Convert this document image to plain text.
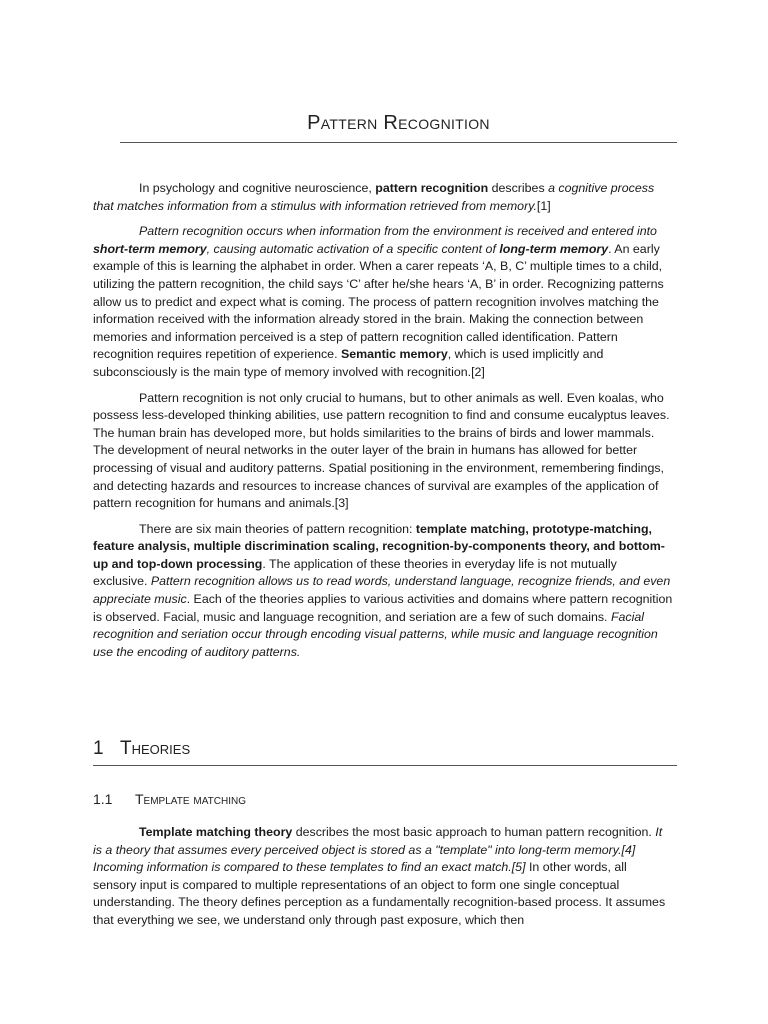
Pattern Recognition

In psychology and cognitive neuroscience, pattern recognition describes a cognitive process that matches information from a stimulus with information retrieved from memory.[1]

Pattern recognition occurs when information from the environment is received and entered into short-term memory, causing automatic activation of a specific content of long-term memory. An early example of this is learning the alphabet in order. When a carer repeats ‘A, B, C’ multiple times to a child, utilizing the pattern recognition, the child says ‘C’ after he/she hears ‘A, B’ in order. Recognizing patterns allow us to predict and expect what is coming. The process of pattern recognition involves matching the information received with the information already stored in the brain. Making the connection between memories and information perceived is a step of pattern recognition called identification. Pattern recognition requires repetition of experience. Semantic memory, which is used implicitly and subconsciously is the main type of memory involved with recognition.[2]

Pattern recognition is not only crucial to humans, but to other animals as well. Even koalas, who possess less-developed thinking abilities, use pattern recognition to find and consume eucalyptus leaves. The human brain has developed more, but holds similarities to the brains of birds and lower mammals. The development of neural networks in the outer layer of the brain in humans has allowed for better processing of visual and auditory patterns. Spatial positioning in the environment, remembering findings, and detecting hazards and resources to increase chances of survival are examples of the application of pattern recognition for humans and animals.[3]

There are six main theories of pattern recognition: template matching, prototype-matching, feature analysis, multiple discrimination scaling, recognition-by-components theory, and bottom-up and top-down processing. The application of these theories in everyday life is not mutually exclusive. Pattern recognition allows us to read words, understand language, recognize friends, and even appreciate music. Each of the theories applies to various activities and domains where pattern recognition is observed. Facial, music and language recognition, and seriation are a few of such domains. Facial recognition and seriation occur through encoding visual patterns, while music and language recognition use the encoding of auditory patterns.

1 Theories
1.1 Template matching

Template matching theory describes the most basic approach to human pattern recognition. It is a theory that assumes every perceived object is stored as a "template" into long-term memory.[4] Incoming information is compared to these templates to find an exact match.[5] In other words, all sensory input is compared to multiple representations of an object to form one single conceptual understanding. The theory defines perception as a fundamentally recognition-based process. It assumes that everything we see, we understand only through past exposure, which then
